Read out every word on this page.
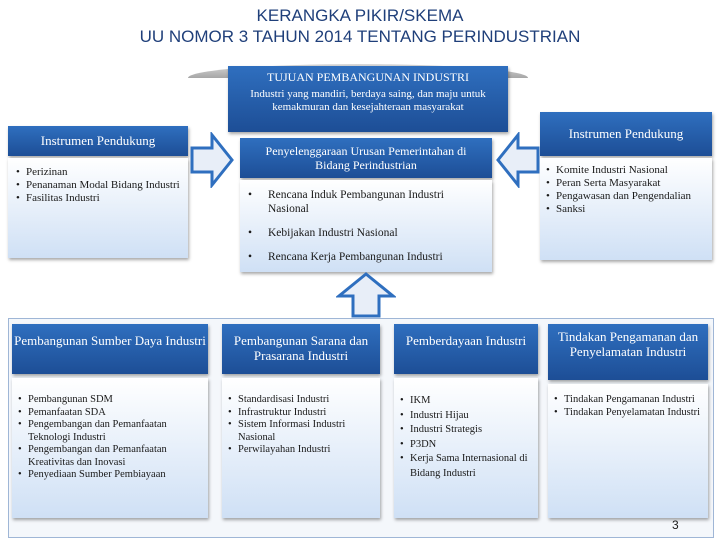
KERANGKA PIKIR/SKEMA
UU NOMOR 3 TAHUN 2014 TENTANG PERINDUSTRIAN
TUJUAN PEMBANGUNAN INDUSTRI
Industri yang mandiri, berdaya saing, dan maju untuk kemakmuran dan kesejahteraan masyarakat
Instrumen Pendukung
• Perizinan
• Penanaman Modal Bidang Industri
• Fasilitas Industri
Instrumen Pendukung
• Komite Industri Nasional
• Peran Serta Masyarakat
• Pengawasan dan Pengendalian
• Sanksi
Penyelenggaraan Urusan Pemerintahan di Bidang Perindustrian
• Rencana Induk Pembangunan Industri Nasional
• Kebijakan Industri Nasional
• Rencana Kerja Pembangunan Industri
Pembangunan Sumber Daya Industri
• Pembangunan SDM
• Pemanfaatan SDA
• Pengembangan dan Pemanfaatan Teknologi Industri
• Pengembangan dan Pemanfaatan Kreativitas dan Inovasi
• Penyediaan Sumber Pembiayaan
Pembangunan Sarana dan Prasarana Industri
• Standardisasi Industri
• Infrastruktur Industri
• Sistem Informasi Industri Nasional
• Perwilayahan Industri
Pemberdayaan Industri
• IKM
• Industri Hijau
• Industri Strategis
• P3DN
• Kerja Sama Internasional di Bidang Industri
Tindakan Pengamanan dan Penyelamatan Industri
• Tindakan Pengamanan Industri
• Tindakan Penyelamatan Industri
3
